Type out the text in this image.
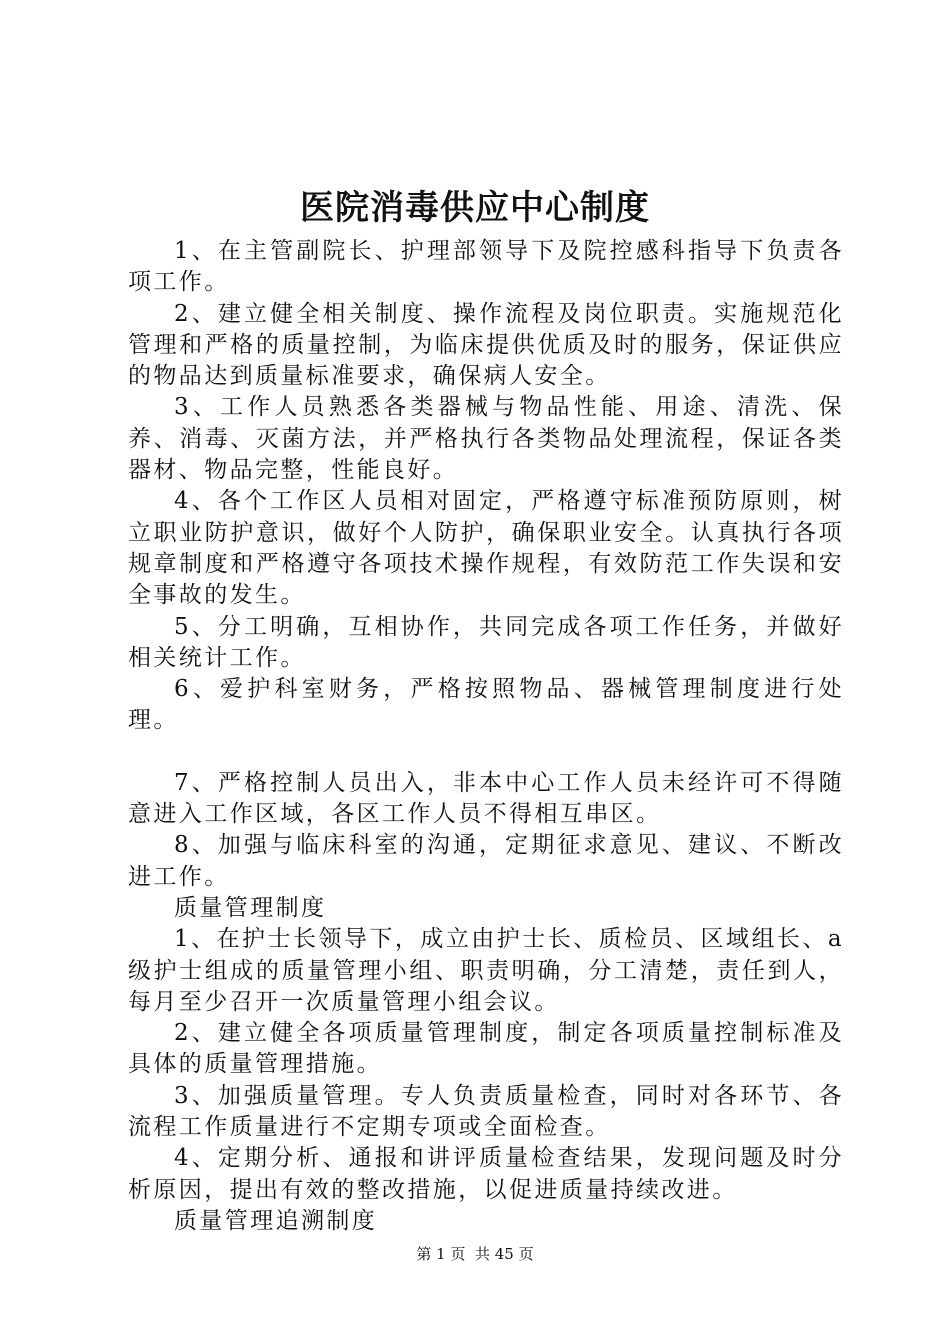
医院消毒供应中心制度

1、在主管副院长、护理部领导下及院控感科指导下负责各项工作。

2、建立健全相关制度、操作流程及岗位职责。实施规范化管理和严格的质量控制，为临床提供优质及时的服务，保证供应的物品达到质量标准要求，确保病人安全。

3、工作人员熟悉各类器械与物品性能、用途、清洗、保养、消毒、灭菌方法，并严格执行各类物品处理流程，保证各类器材、物品完整，性能良好。

4、各个工作区人员相对固定，严格遵守标准预防原则，树立职业防护意识，做好个人防护，确保职业安全。认真执行各项规章制度和严格遵守各项技术操作规程，有效防范工作失误和安全事故的发生。

5、分工明确，互相协作，共同完成各项工作任务，并做好相关统计工作。

6、爱护科室财务，严格按照物品、器械管理制度进行处理。

7、严格控制人员出入，非本中心工作人员未经许可不得随意进入工作区域，各区工作人员不得相互串区。

8、加强与临床科室的沟通，定期征求意见、建议、不断改进工作。

质量管理制度

1、在护士长领导下，成立由护士长、质检员、区域组长、a级护士组成的质量管理小组、职责明确，分工清楚，责任到人，每月至少召开一次质量管理小组会议。

2、建立健全各项质量管理制度，制定各项质量控制标准及具体的质量管理措施。

3、加强质量管理。专人负责质量检查，同时对各环节、各流程工作质量进行不定期专项或全面检查。

4、定期分析、通报和讲评质量检查结果，发现问题及时分析原因，提出有效的整改措施，以促进质量持续改进。

质量管理追溯制度

第 1 页  共 45 页
